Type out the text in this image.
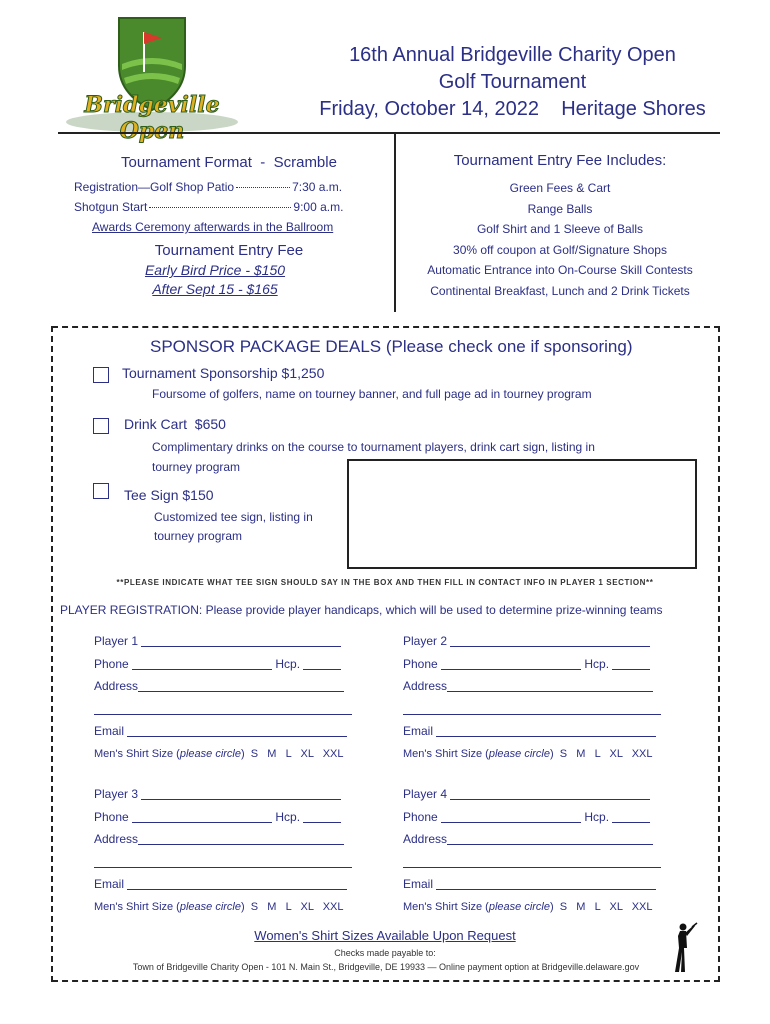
Bridgeville Open
16th Annual Bridgeville Charity Open
Golf Tournament
Friday, October 14, 2022    Heritage Shores
Tournament Format  -  Scramble
Registration—Golf Shop Patio	7:30 a.m.
Shotgun Start	9:00 a.m.
Awards Ceremony afterwards in the Ballroom
Tournament Entry Fee
Early Bird Price - $150
After Sept 15 - $165
Tournament Entry Fee Includes:
Green Fees & Cart
Range Balls
Golf Shirt and 1 Sleeve of Balls
30% off coupon at Golf/Signature Shops
Automatic Entrance into On-Course Skill Contests
Continental Breakfast, Lunch and 2 Drink Tickets
SPONSOR PACKAGE DEALS (Please check one if sponsoring)
Tournament Sponsorship $1,250
Foursome of golfers, name on tourney banner, and full page ad in tourney program
Drink Cart  $650
Complimentary drinks on the course to tournament players, drink cart sign, listing in
tourney program
Tee Sign $150
Customized tee sign, listing in
tourney program
**PLEASE INDICATE WHAT TEE SIGN SHOULD SAY IN THE BOX AND THEN FILL IN CONTACT INFO IN PLAYER 1 SECTION**
PLAYER REGISTRATION: Please provide player handicaps, which will be used to determine prize-winning teams
Player 1
Phone	Hcp.
Address
Email
Men's Shirt Size (please circle)  S   M   L   XL   XXL
Player 2
Phone	Hcp.
Address
Email
Men's Shirt Size (please circle)  S   M   L   XL   XXL
Player 3
Phone	Hcp.
Address
Email
Men's Shirt Size (please circle)  S   M   L   XL   XXL
Player 4
Phone	Hcp.
Address
Email
Men's Shirt Size (please circle)  S   M   L   XL   XXL
Women's Shirt Sizes Available Upon Request
Checks made payable to:
Town of Bridgeville Charity Open - 101 N. Main St., Bridgeville, DE 19933 — Online payment option at Bridgeville.delaware.gov
